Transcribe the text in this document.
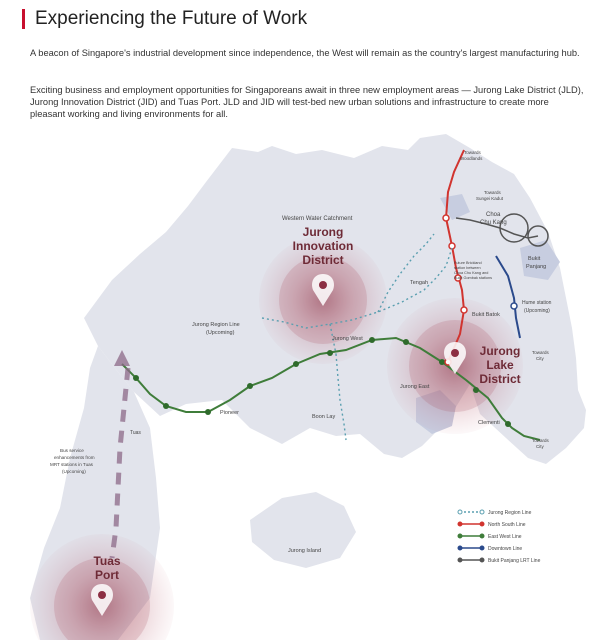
Experiencing the Future of Work
A beacon of Singapore's industrial development since independence, the West will remain as the country's largest manufacturing hub.
Exciting business and employment opportunities for Singaporeans await in three new employment areas — Jurong Lake District (JLD), Jurong Innovation District (JID) and Tuas Port. JLD and JID will test-bed new urban solutions and infrastructure to create more pleasant working and living environments for all.
Jurong
Innovation
District
Jurong
Lake
District
Tuas
Port
Western Water Catchment
Choa
Chu Kang
Bukit
Panjang
Tengah
Bukit Batok
Jurong West
Jurong East
Pioneer
Boon Lay
Clementi
Tuas
Jurong Island
Jurong Region Line
(Upcoming)
Hume station
(Upcoming)
Towards
Woodlands
Towards
Sungei Kadut
Towards
City
Towards
City
Future Brickland
station between
Choa Chu Kang and
Bukit Gombak stations
Bus service
enhancements from
MRT stations in Tuas
(Upcoming)
Jurong Region Line
North South Line
East West Line
Downtown Line
Bukit Panjang LRT Line
